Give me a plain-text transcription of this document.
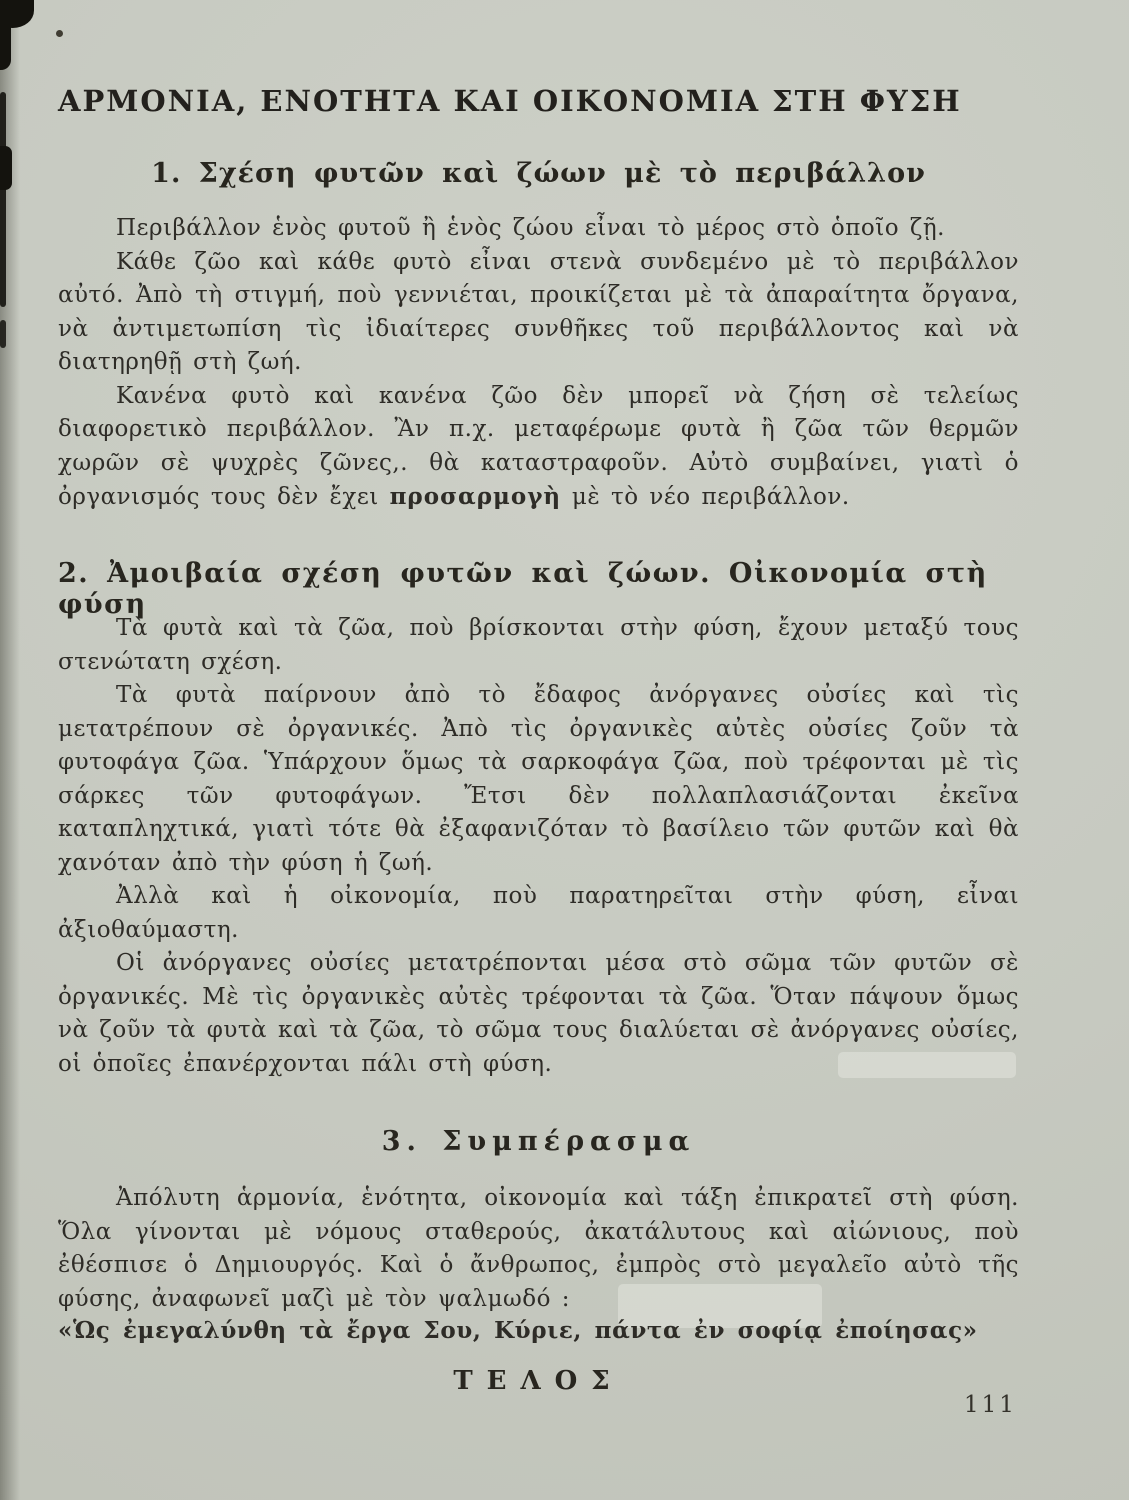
ΑΡΜΟΝΙΑ, ΕΝΟΤΗΤΑ ΚΑΙ ΟΙΚΟΝΟΜΙΑ ΣΤΗ ΦΥΣΗ
1. Σχέση φυτῶν καὶ ζώων μὲ τὸ περιβάλλον

Περιβάλλον ἑνὸς φυτοῦ ἢ ἑνὸς ζώου εἶναι τὸ μέρος στὸ ὁποῖο ζῇ.

Κάθε ζῶο καὶ κάθε φυτὸ εἶναι στενὰ συνδεμένο μὲ τὸ περιβάλλον αὐτό. Ἀπὸ τὴ στιγμή, ποὺ γεννιέται, προικίζεται μὲ τὰ ἀπαραίτητα ὄργανα, νὰ ἀντιμετωπίση τὶς ἰδιαίτερες συνθῆκες τοῦ περιβάλλοντος καὶ νὰ διατηρηθῇ στὴ ζωή.

Κανένα φυτὸ καὶ κανένα ζῶο δὲν μπορεῖ νὰ ζήση σὲ τελείως διαφορετικὸ περιβάλλον. Ἂν π.χ. μεταφέρωμε φυτὰ ἢ ζῶα τῶν θερμῶν χωρῶν σὲ ψυχρὲς ζῶνες,. θὰ καταστραφοῦν. Αὐτὸ συμβαίνει, γιατὶ ὁ ὀργανισμός τους δὲν ἔχει προσαρμογὴ μὲ τὸ νέο περιβάλλον.

2. Ἀμοιβαία σχέση φυτῶν καὶ ζώων. Οἰκονομία στὴ φύση

Τὰ φυτὰ καὶ τὰ ζῶα, ποὺ βρίσκονται στὴν φύση, ἔχουν μεταξύ τους στενώτατη σχέση.

Τὰ φυτὰ παίρνουν ἀπὸ τὸ ἔδαφος ἀνόργανες οὐσίες καὶ τὶς μετατρέπουν σὲ ὀργανικές. Ἀπὸ τὶς ὀργανικὲς αὐτὲς οὐσίες ζοῦν τὰ φυτοφάγα ζῶα. Ὑπάρχουν ὅμως τὰ σαρκοφάγα ζῶα, ποὺ τρέφονται μὲ τὶς σάρκες τῶν φυτοφάγων. Ἔτσι δὲν πολλαπλασιάζονται ἐκεῖνα καταπληχτικά, γιατὶ τότε θὰ ἐξαφανιζόταν τὸ βασίλειο τῶν φυτῶν καὶ θὰ χανόταν ἀπὸ τὴν φύση ἡ ζωή.

Ἀλλὰ καὶ ἡ οἰκονομία, ποὺ παρατηρεῖται στὴν φύση, εἶναι ἀξιοθαύμαστη.

Οἱ ἀνόργανες οὐσίες μετατρέπονται μέσα στὸ σῶμα τῶν φυτῶν σὲ ὀργανικές. Μὲ τὶς ὀργανικὲς αὐτὲς τρέφονται τὰ ζῶα. Ὅταν πάψουν ὅμως νὰ ζοῦν τὰ φυτὰ καὶ τὰ ζῶα, τὸ σῶμα τους διαλύεται σὲ ἀνόργανες οὐσίες, οἱ ὁποῖες ἐπανέρχονται πάλι στὴ φύση.

3. Συμπέρασμα

Ἀπόλυτη ἁρμονία, ἑνότητα, οἰκονομία καὶ τάξη ἐπικρατεῖ στὴ φύση. Ὅλα γίνονται μὲ νόμους σταθερούς, ἀκατάλυτους καὶ αἰώνιους, ποὺ ἐθέσπισε ὁ Δημιουργός. Καὶ ὁ ἄνθρωπος, ἐμπρὸς στὸ μεγαλεῖο αὐτὸ τῆς φύσης, ἀναφωνεῖ μαζὶ μὲ τὸν ψαλμωδό :

«Ὡς ἐμεγαλύνθη τὰ ἔργα Σου, Κύριε, πάντα ἐν σοφίᾳ ἐποίησας»

ΤΕΛΟΣ

111
